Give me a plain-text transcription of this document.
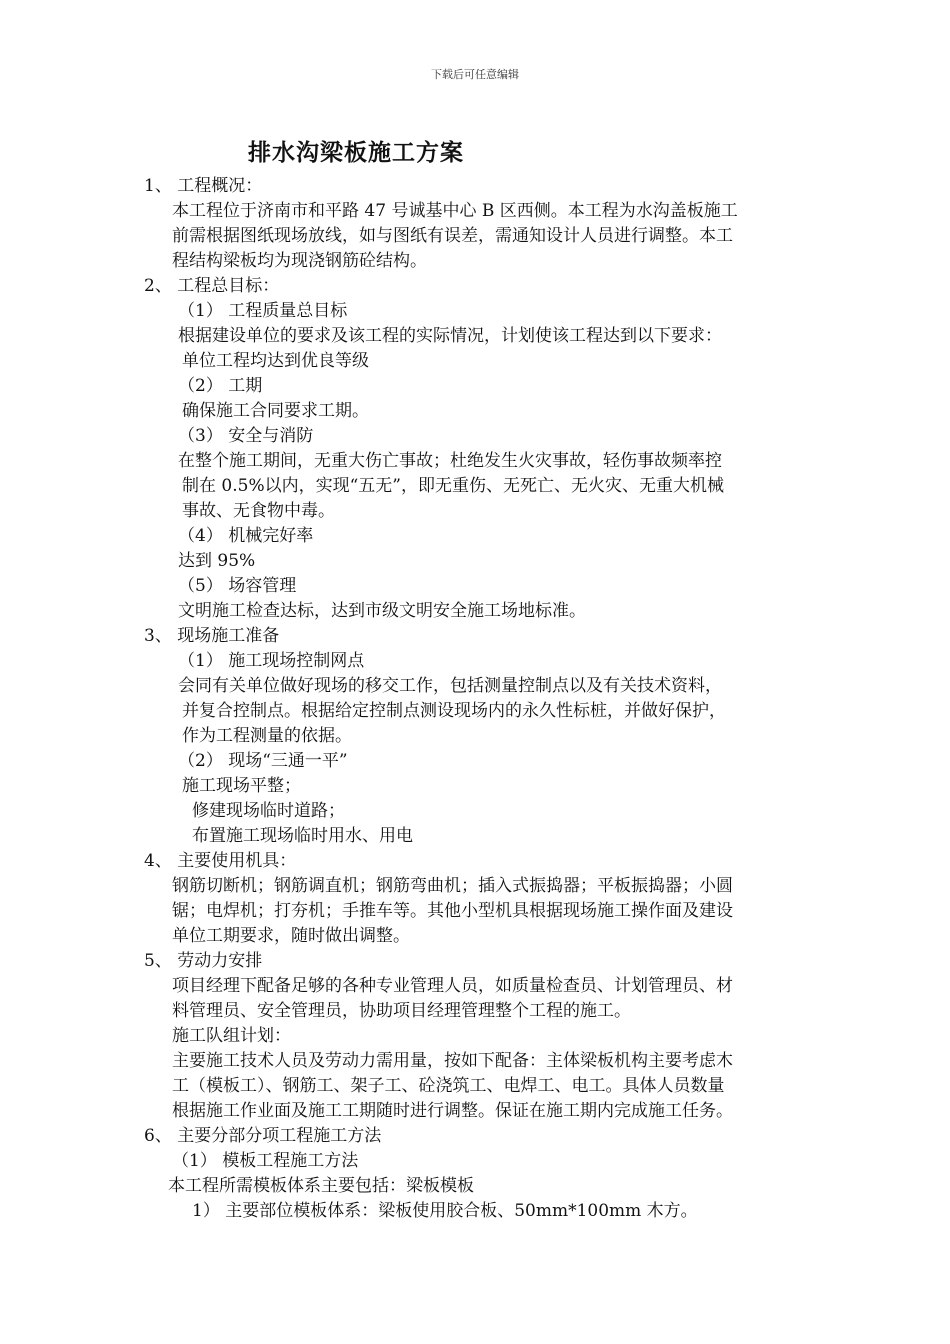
下载后可任意编辑
排水沟梁板施工方案
1、 工程概况：
本工程位于济南市和平路 47 号诚基中心 B 区西侧。本工程为水沟盖板施工
前需根据图纸现场放线，如与图纸有误差，需通知设计人员进行调整。本工
程结构梁板均为现浇钢筋砼结构。
2、 工程总目标：
（1） 工程质量总目标
根据建设单位的要求及该工程的实际情况，计划使该工程达到以下要求：
单位工程均达到优良等级
（2） 工期
确保施工合同要求工期。
（3） 安全与消防
在整个施工期间，无重大伤亡事故；杜绝发生火灾事故，轻伤事故频率控
制在 0.5%以内，实现“五无”，即无重伤、无死亡、无火灾、无重大机械
事故、无食物中毒。
（4） 机械完好率
达到 95%
（5） 场容管理
文明施工检查达标，达到市级文明安全施工场地标准。
3、 现场施工准备
（1） 施工现场控制网点
会同有关单位做好现场的移交工作，包括测量控制点以及有关技术资料，
并复合控制点。根据给定控制点测设现场内的永久性标桩，并做好保护，
作为工程测量的依据。
（2） 现场“三通一平”
施工现场平整；
修建现场临时道路；
布置施工现场临时用水、用电
4、 主要使用机具：
钢筋切断机；钢筋调直机；钢筋弯曲机；插入式振捣器；平板振捣器；小圆
锯；电焊机；打夯机；手推车等。其他小型机具根据现场施工操作面及建设
单位工期要求，随时做出调整。
5、 劳动力安排
项目经理下配备足够的各种专业管理人员，如质量检查员、计划管理员、材
料管理员、安全管理员，协助项目经理管理整个工程的施工。
施工队组计划：
主要施工技术人员及劳动力需用量，按如下配备：主体梁板机构主要考虑木
工（模板工）、钢筋工、架子工、砼浇筑工、电焊工、电工。具体人员数量
根据施工作业面及施工工期随时进行调整。保证在施工期内完成施工任务。
6、 主要分部分项工程施工方法
（1） 模板工程施工方法
本工程所需模板体系主要包括：梁板模板
1） 主要部位模板体系：梁板使用胶合板、50mm*100mm 木方。
